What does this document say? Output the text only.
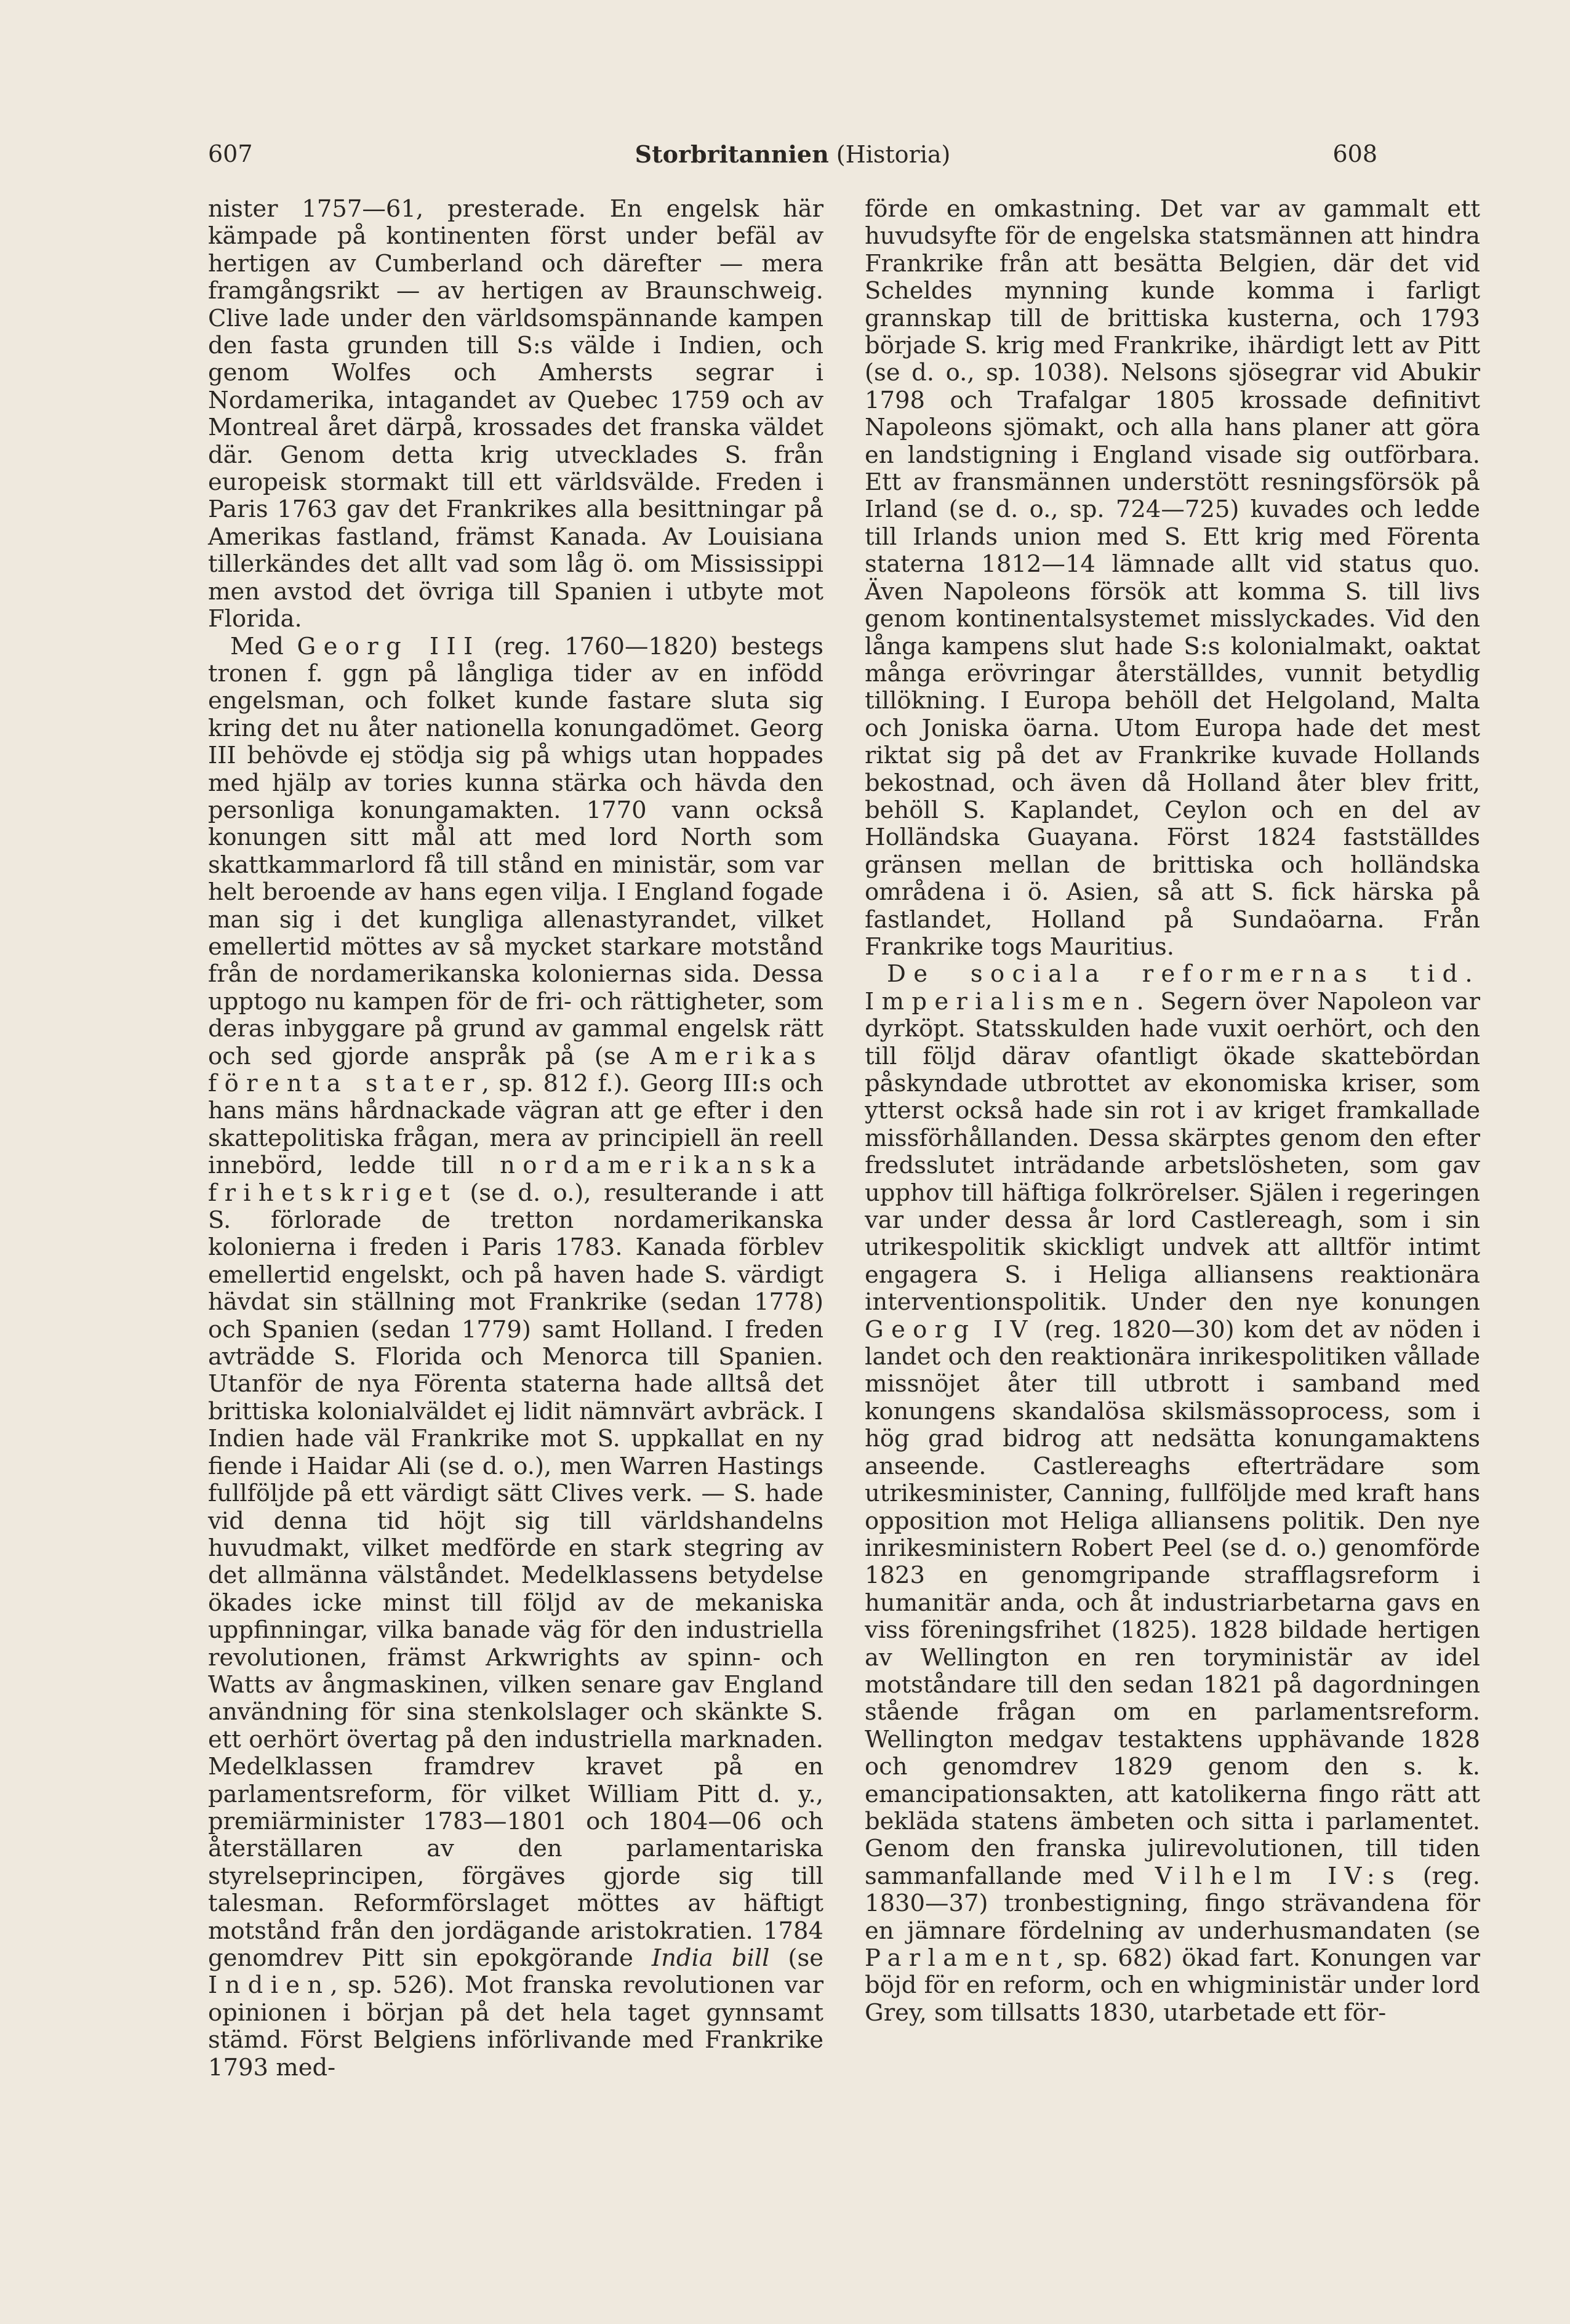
607	Storbritannien (Historia)	608

nister 1757—61, presterade. En engelsk här kämpade på kontinenten först under befäl av hertigen av Cumberland och därefter — mera framgångsrikt — av hertigen av Braunschweig. Clive lade under den världsomspännande kampen den fasta grunden till S:s välde i Indien, och genom Wolfes och Amhersts segrar i Nordamerika, intagandet av Quebec 1759 och av Montreal året därpå, krossades det franska väldet där. Genom detta krig utvecklades S. från europeisk stormakt till ett världsvälde. Freden i Paris 1763 gav det Frankrikes alla besittningar på Amerikas fastland, främst Kanada. Av Louisiana tillerkändes det allt vad som låg ö. om Mississippi men avstod det övriga till Spanien i utbyte mot Florida.

Med Georg III (reg. 1760—1820) bestegs tronen f. ggn på långliga tider av en infödd engelsman, och folket kunde fastare sluta sig kring det nu åter nationella konungadömet. Georg III behövde ej stödja sig på whigs utan hoppades med hjälp av tories kunna stärka och hävda den personliga konungamakten. 1770 vann också konungen sitt mål att med lord North som skattkammarlord få till stånd en ministär, som var helt beroende av hans egen vilja. I England fogade man sig i det kungliga allenastyrandet, vilket emellertid möttes av så mycket starkare motstånd från de nordamerikanska koloniernas sida. Dessa upptogo nu kampen för de fri- och rättigheter, som deras inbyggare på grund av gammal engelsk rätt och sed gjorde anspråk på (se Amerikas förenta stater, sp. 812 f.). Georg III:s och hans mäns hårdnackade vägran att ge efter i den skattepolitiska frågan, mera av principiell än reell innebörd, ledde till nordamerikanska frihetskriget (se d. o.), resulterande i att S. förlorade de tretton nordamerikanska kolonierna i freden i Paris 1783. Kanada förblev emellertid engelskt, och på haven hade S. värdigt hävdat sin ställning mot Frankrike (sedan 1778) och Spanien (sedan 1779) samt Holland. I freden avträdde S. Florida och Menorca till Spanien. Utanför de nya Förenta staterna hade alltså det brittiska kolonialväldet ej lidit nämnvärt avbräck. I Indien hade väl Frankrike mot S. uppkallat en ny fiende i Haidar Ali (se d. o.), men Warren Hastings fullföljde på ett värdigt sätt Clives verk. — S. hade vid denna tid höjt sig till världshandelns huvudmakt, vilket medförde en stark stegring av det allmänna välståndet. Medelklassens betydelse ökades icke minst till följd av de mekaniska uppfinningar, vilka banade väg för den industriella revolutionen, främst Arkwrights av spinn- och Watts av ångmaskinen, vilken senare gav England användning för sina stenkolslager och skänkte S. ett oerhört övertag på den industriella marknaden. Medelklassen framdrev kravet på en parlamentsreform, för vilket William Pitt d. y., premiärminister 1783—1801 och 1804—06 och återställaren av den parlamentariska styrelseprincipen, förgäves gjorde sig till talesman. Reformförslaget möttes av häftigt motstånd från den jordägande aristokratien. 1784 genomdrev Pitt sin epokgörande India bill (se Indien, sp. 526). Mot franska revolutionen var opinionen i början på det hela taget gynnsamt stämd. Först Belgiens införlivande med Frankrike 1793 med-

förde en omkastning. Det var av gammalt ett huvudsyfte för de engelska statsmännen att hindra Frankrike från att besätta Belgien, där det vid Scheldes mynning kunde komma i farligt grannskap till de brittiska kusterna, och 1793 började S. krig med Frankrike, ihärdigt lett av Pitt (se d. o., sp. 1038). Nelsons sjösegrar vid Abukir 1798 och Trafalgar 1805 krossade definitivt Napoleons sjömakt, och alla hans planer att göra en landstigning i England visade sig outförbara. Ett av fransmännen understött resningsförsök på Irland (se d. o., sp. 724—725) kuvades och ledde till Irlands union med S. Ett krig med Förenta staterna 1812—14 lämnade allt vid status quo. Även Napoleons försök att komma S. till livs genom kontinentalsystemet misslyckades. Vid den långa kampens slut hade S:s kolonialmakt, oaktat många erövringar återställdes, vunnit betydlig tillökning. I Europa behöll det Helgoland, Malta och Joniska öarna. Utom Europa hade det mest riktat sig på det av Frankrike kuvade Hollands bekostnad, och även då Holland åter blev fritt, behöll S. Kaplandet, Ceylon och en del av Holländska Guayana. Först 1824 fastställdes gränsen mellan de brittiska och holländska områdena i ö. Asien, så att S. fick härska på fastlandet, Holland på Sundaöarna. Från Frankrike togs Mauritius.

De sociala reformernas tid. Imperialismen. Segern över Napoleon var dyrköpt. Statsskulden hade vuxit oerhört, och den till följd därav ofantligt ökade skattebördan påskyndade utbrottet av ekonomiska kriser, som ytterst också hade sin rot i av kriget framkallade missförhållanden. Dessa skärptes genom den efter fredsslutet inträdande arbetslösheten, som gav upphov till häftiga folkrörelser. Själen i regeringen var under dessa år lord Castlereagh, som i sin utrikespolitik skickligt undvek att alltför intimt engagera S. i Heliga alliansens reaktionära interventionspolitik. Under den nye konungen Georg IV (reg. 1820—30) kom det av nöden i landet och den reaktionära inrikespolitiken vållade missnöjet åter till utbrott i samband med konungens skandalösa skilsmässoprocess, som i hög grad bidrog att nedsätta konungamaktens anseende. Castlereaghs efterträdare som utrikesminister, Canning, fullföljde med kraft hans opposition mot Heliga alliansens politik. Den nye inrikesministern Robert Peel (se d. o.) genomförde 1823 en genomgripande strafflagsreform i humanitär anda, och åt industriarbetarna gavs en viss föreningsfrihet (1825). 1828 bildade hertigen av Wellington en ren toryministär av idel motståndare till den sedan 1821 på dagordningen stående frågan om en parlamentsreform. Wellington medgav testaktens upphävande 1828 och genomdrev 1829 genom den s. k. emancipationsakten, att katolikerna fingo rätt att bekläda statens ämbeten och sitta i parlamentet. Genom den franska julirevolutionen, till tiden sammanfallande med Vilhelm IV:s (reg. 1830—37) tronbestigning, fingo strävandena för en jämnare fördelning av underhusmandaten (se Parlament, sp. 682) ökad fart. Konungen var böjd för en reform, och en whigministär under lord Grey, som tillsatts 1830, utarbetade ett för-
